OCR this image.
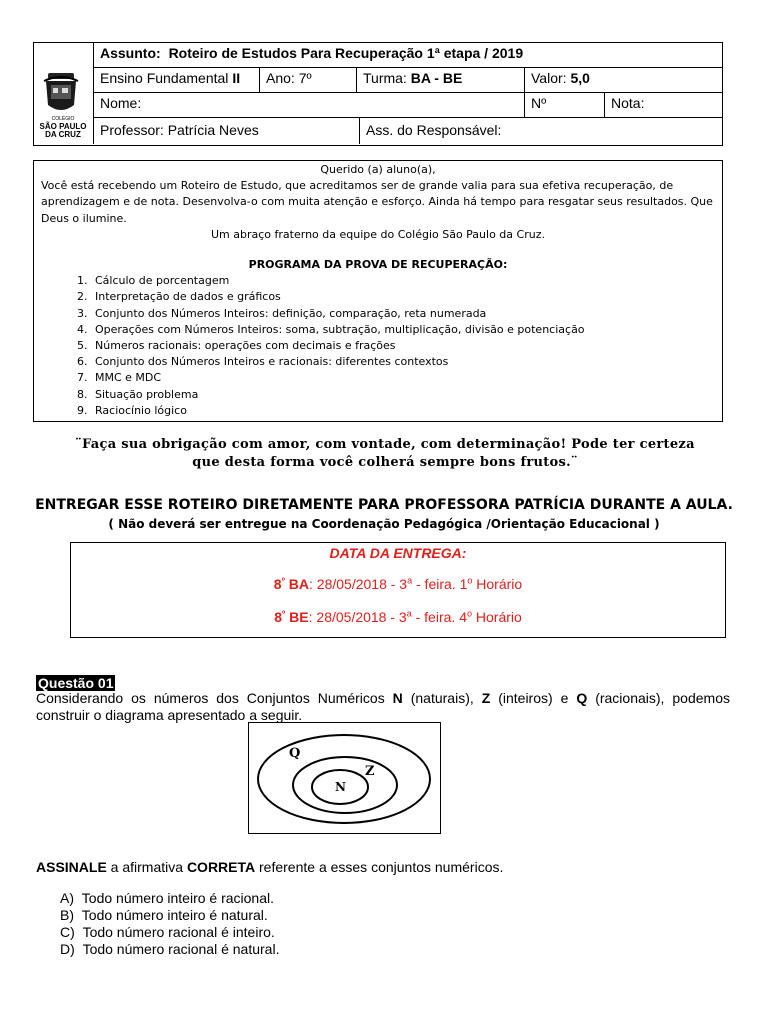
COLÉGIO
SÃO PAULO
DA CRUZ
Assunto: Roteiro de Estudos Para Recuperação 1ª etapa / 2019
Ensino Fundamental II	Ano: 7º	Turma: BA - BE	Valor: 5,0
Nome:	Nº	Nota:
Professor: Patrícia Neves	Ass. do Responsável:

Querido (a) aluno(a),

Você está recebendo um Roteiro de Estudo, que acreditamos ser de grande valia para sua efetiva recuperação, de aprendizagem e de nota. Desenvolva-o com muita atenção e esforço. Ainda há tempo para resgatar seus resultados. Que Deus o ilumine.

Um abraço fraterno da equipe do Colégio São Paulo da Cruz.

PROGRAMA DA PROVA DE RECUPERAÇÃO:

1. Cálculo de porcentagem
2. Interpretação de dados e gráficos
3. Conjunto dos Números Inteiros: definição, comparação, reta numerada
4. Operações com Números Inteiros: soma, subtração, multiplicação, divisão e potenciação
5. Números racionais: operações com decimais e frações
6. Conjunto dos Números Inteiros e racionais: diferentes contextos
7. MMC e MDC
8. Situação problema
9. Raciocínio lógico
¨Faça sua obrigação com amor, com vontade, com determinação! Pode ter certeza
que desta forma você colherá sempre bons frutos.¨
ENTREGAR ESSE ROTEIRO DIRETAMENTE PARA PROFESSORA PATRÍCIA DURANTE A AULA.
( Não deverá ser entregue na Coordenação Pedagógica /Orientação Educacional )
DATA DA ENTREGA:
$8^º$ BA: 28/05/2018 - 3$^a$ - feira. 1$^o$ Horário
$8^º$ BE: 28/05/2018 - 3$^a$ - feira. 4$^o$ Horário
Questão 01
Considerando os números dos Conjuntos Numéricos N (naturais), Z (inteiros) e Q (racionais), podemos construir o diagrama apresentado a seguir.
Q
Z
N
ASSINALE a afirmativa CORRETA referente a esses conjuntos numéricos.
A) Todo número inteiro é racional.
B) Todo número inteiro é natural.
C) Todo número racional é inteiro.
D) Todo número racional é natural.
